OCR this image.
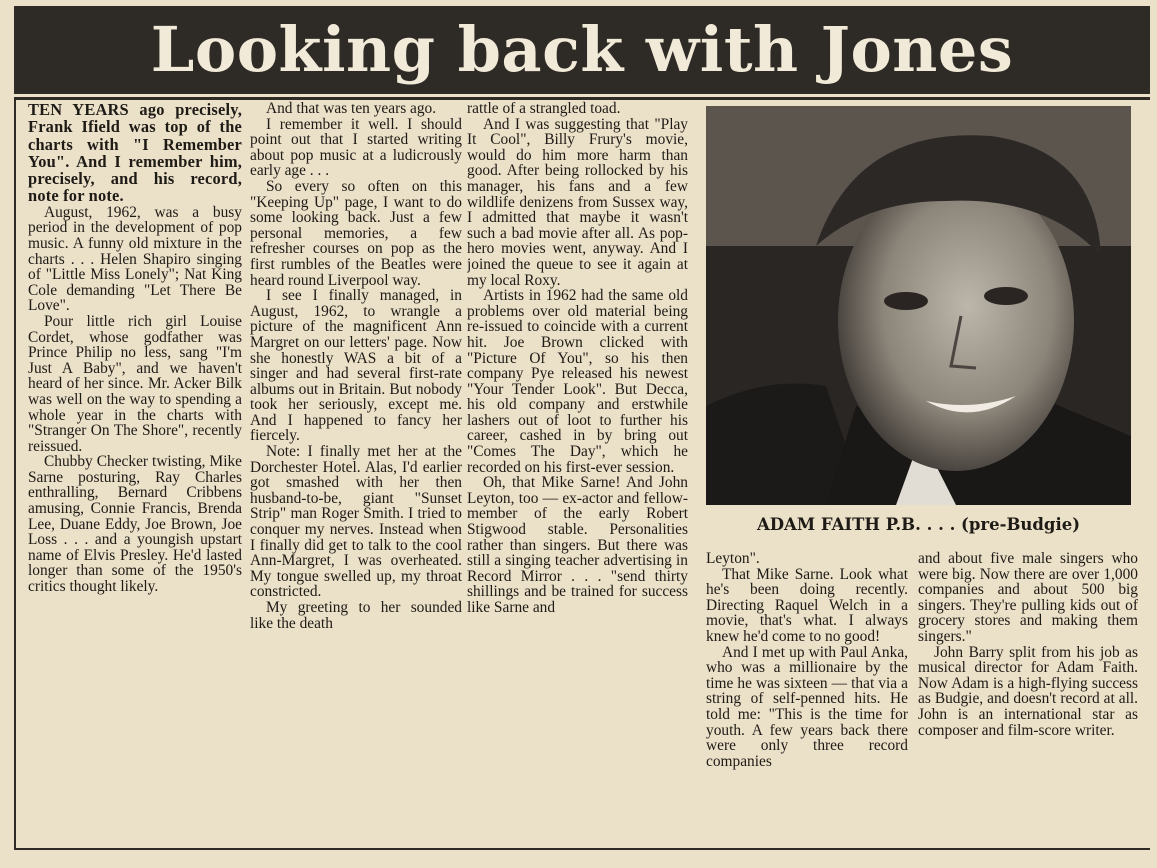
Looking back with Jones

TEN YEARS ago precisely, Frank Ifield was top of the charts with "I Remember You". And I remember him, precisely, and his record, note for note.

August, 1962, was a busy period in the development of pop music. A funny old mixture in the charts . . . Helen Shapiro singing of "Little Miss Lonely"; Nat King Cole demanding "Let There Be Love".

Pour little rich girl Louise Cordet, whose godfather was Prince Philip no less, sang "I'm Just A Baby", and we haven't heard of her since. Mr. Acker Bilk was well on the way to spending a whole year in the charts with "Stranger On The Shore", recently reissued.

Chubby Checker twisting, Mike Sarne posturing, Ray Charles enthralling, Bernard Cribbens amusing, Connie Francis, Brenda Lee, Duane Eddy, Joe Brown, Joe Loss . . . and a youngish upstart name of Elvis Presley. He'd lasted longer than some of the 1950's critics thought likely.

And that was ten years ago.

I remember it well. I should point out that I started writing about pop music at a ludicrously early age . . .

So every so often on this "Keeping Up" page, I want to do some looking back. Just a few personal memories, a few refresher courses on pop as the first rumbles of the Beatles were heard round Liverpool way.

I see I finally managed, in August, 1962, to wrangle a picture of the magnificent Ann Margret on our letters' page. Now she honestly WAS a bit of a singer and had several first-rate albums out in Britain. But nobody took her seriously, except me. And I happened to fancy her fiercely.

Note: I finally met her at the Dorchester Hotel. Alas, I'd earlier got smashed with her then husband-to-be, giant "Sunset Strip" man Roger Smith. I tried to conquer my nerves. Instead when I finally did get to talk to the cool Ann-Margret, I was overheated. My tongue swelled up, my throat constricted.

My greeting to her sounded like the death

rattle of a strangled toad.

And I was suggesting that "Play It Cool", Billy Frury's movie, would do him more harm than good. After being rollocked by his manager, his fans and a few wildlife denizens from Sussex way, I admitted that maybe it wasn't such a bad movie after all. As pop-hero movies went, anyway. And I joined the queue to see it again at my local Roxy.

Artists in 1962 had the same old problems over old material being re-issued to coincide with a current hit. Joe Brown clicked with "Picture Of You", so his then company Pye released his newest "Your Tender Look". But Decca, his old company and erstwhile lashers out of loot to further his career, cashed in by bring out "Comes The Day", which he recorded on his first-ever session.

Oh, that Mike Sarne! And John Leyton, too — ex-actor and fellow-member of the early Robert Stigwood stable. Personalities rather than singers. But there was still a singing teacher advertising in Record Mirror . . . "send thirty shillings and be trained for success like Sarne and

ADAM FAITH P.B. . . . (pre-Budgie)

Leyton".

That Mike Sarne. Look what he's been doing recently. Directing Raquel Welch in a movie, that's what. I always knew he'd come to no good!

And I met up with Paul Anka, who was a millionaire by the time he was sixteen — that via a string of self-penned hits. He told me: "This is the time for youth. A few years back there were only three record companies

and about five male singers who were big. Now there are over 1,000 companies and about 500 big singers. They're pulling kids out of grocery stores and making them singers."

John Barry split from his job as musical director for Adam Faith. Now Adam is a high-flying success as Budgie, and doesn't record at all. John is an international star as composer and film-score writer.
